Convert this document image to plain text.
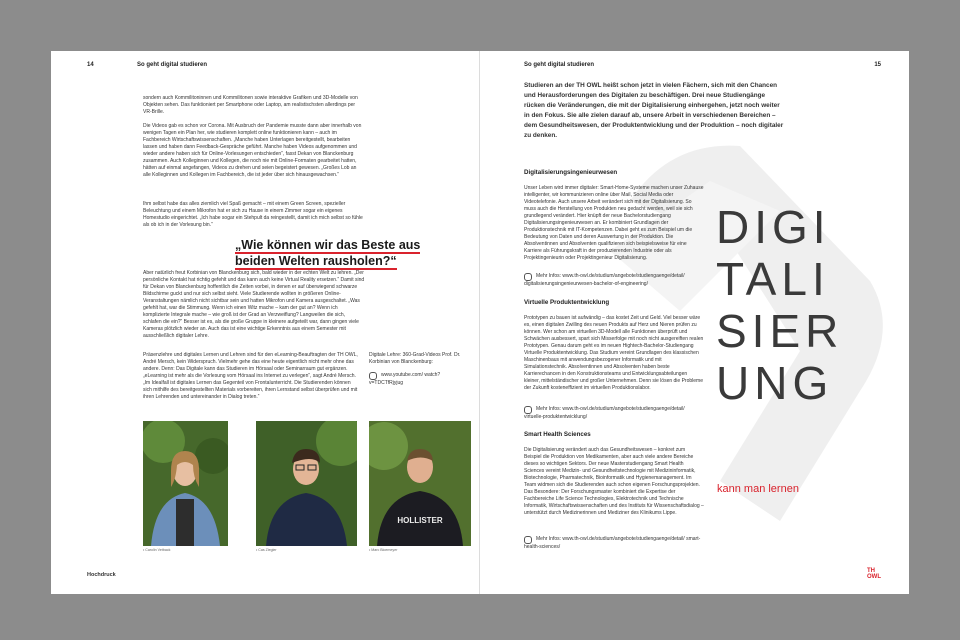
14	So geht digital studieren

sondern auch Kommilitoninnen und Kommilitonen sowie interaktive Grafiken und 3D-Modelle von Objekten sehen. Das funktioniert per Smartphone oder Laptop, am realistischsten allerdings per VR-Brille.

Die Videos gab es schon vor Corona. Mit Ausbruch der Pandemie musste dann aber innerhalb von wenigen Tagen ein Plan her, wie studieren komplett online funktionieren kann – auch im Fachbereich Wirtschaftswissenschaften. „Manche haben Unterlagen bereitgestellt, bearbeiten lassen und haben dann Feedback-Gespräche geführt. Manche haben Videos aufgenommen und wieder andere haben sich für Online-Vorlesungen entschieden“, fasst Dekan von Blanckenburg zusammen. Auch Kolleginnen und Kollegen, die noch nie mit Online-Formaten gearbeitet hatten, hätten auf einmal angefangen, Videos zu drehen und seien begeistert gewesen. „Großes Lob an alle Kolleginnen und Kollegen im Fachbereich, die ist jeder über sich hinausgewachsen.“

Ihm selbst habe das alles ziemlich viel Spaß gemacht – mit einem Green Screen, spezieller Beleuchtung und einem Mikrofon hat er sich zu Hause in einem Zimmer sogar ein eigenes Homestudio eingerichtet. „Ich habe sogar ein Stehpult da reingestellt, damit ich mich selbst so fühle als ob ich in der Vorlesung bin.“

„Wie können wir das Beste aus
beiden Welten rausholen?“

Aber natürlich freut Korbinian von Blanckenburg sich, bald wieder in der echten Welt zu lehren. „Der persönliche Kontakt hat richtig gefehlt und das kann auch keine Virtual Reality ersetzen.“ Damit sind für Dekan von Blanckenburg hoffentlich die Zeiten vorbei, in denen er auf überwiegend schwarze Bildschirme guckt und nur sich selbst sieht. Viele Studierende wollten in größeren Online-Veranstaltungen nämlich nicht sichtbar sein und hatten Mikrofon und Kamera ausgeschaltet. „Was gefehlt hat, war die Stimmung. Wenn ich einen Witz mache – kam der gut an? Wenn ich komplizierte Integrale mache – wie groß ist der Grad an Verzweiflung? Langweilen die sich, schlafen die ein?“ Besser ist es, als die große Gruppe in kleinere aufgeteilt war, dann gingen viele Kameras plötzlich wieder an. Auch das ist eine wichtige Erkenntnis aus einem Semester mit ausschließlich digitaler Lehre.

Präsenzlehre und digitales Lernen und Lehren sind für den eLearning-Beauftragten der TH OWL, André Mersch, kein Widerspruch. Vielmehr gehe das eine heute eigentlich nicht mehr ohne das andere. Denn: Das Digitale kann das Studieren im Hörsaal oder Seminarraum gut ergänzen. „eLearning ist mehr als die Vorlesung vom Hörsaal ins Internet zu verlegen“, sagt André Mersch. „Im Idealfall ist digitales Lernen das Gegenteil von Frontalunterricht. Die Studierenden können sich mithilfe des bereitgestellten Materials vorbereiten, ihren Lernstand selbst überprüfen und mit ihren Lehrenden und untereinander in Dialog treten.“

Digitale Lehre: 360-Grad-Videos Prof. Dr. Korbinian von Blanckenburg:

www.youtube.com/ watch?v=TDCTfRjyjug
HOLLISTER
• Carolin Vetback	• Cas Ziegler	• Marc Bloemeyer
Hochdruck
So geht digital studieren	15
Studieren an der TH OWL heißt schon jetzt in vielen Fächern, sich mit den Chancen und Herausforderungen des Digitalen zu beschäftigen. Drei neue Studiengänge rücken die Veränderungen, die mit der Digitalisierung einhergehen, jetzt noch weiter in den Fokus. Sie alle zielen darauf ab, unsere Arbeit in verschiedenen Bereichen – dem Gesundheitswesen, der Produktentwicklung und der Produktion – noch digitaler zu denken.
Digitalisierungsingenieurwesen

Unser Leben wird immer digitaler: Smart-Home-Systeme machen unser Zuhause intelligenter, wir kommunizieren online über Mail, Social Media oder Videotelefonie. Auch unsere Arbeit verändert sich mit der Digitalisierung. So muss auch die Herstellung von Produkten neu gedacht werden, weil sie sich grundlegend verändert. Hier knüpft der neue Bachelorstudiengang Digitalisierungsingenieurwesen an. Er kombiniert Grundlagen der Produktionstechnik mit IT-Kompetenzen. Dabei geht es zum Beispiel um die Bedeutung von Daten und deren Auswertung in der Produktion. Die Absolventinnen und Absolventen qualifizieren sich beispielsweise für eine Karriere als Führungskraft in der produzierenden Industrie oder als Projektingenieurin oder Projektingenieur Digitalisierung.

Mehr Infos: www.th-owl.de/studium/angebote/studiengaenge/detail/ digitalisierungsingenieurwesen-bachelor-of-engineering/
Virtuelle Produktentwicklung

Prototypen zu bauen ist aufwändig – das kostet Zeit und Geld. Viel besser wäre es, einen digitalen Zwilling des neuen Produkts auf Herz und Nieren prüfen zu können. Wer schon am virtuellen 3D-Modell alle Funktionen überprüft und Schwächen ausbessert, spart sich Misserfolge mit noch nicht ausgereiften realen Prototypen. Genau darum geht es im neuen Hightech-Bachelor-Studiengang Virtuelle Produktentwicklung. Das Studium vereint Grundlagen des klassischen Maschinenbaus mit anwendungsbezogener Informatik und mit Simulationstechnik. Absolventinnen und Absolventen haben beste Karrierechancen in den Konstruktionsteams und Entwicklungsabteilungen kleiner, mittelständischer und großer Unternehmen. Denn sie lösen die Probleme der Zukunft kosteneffizient im virtuellen Produktionslabor.

Mehr Infos: www.th-owl.de/studium/angebote/studiengaenge/detail/ virtuelle-produktentwicklung/
Smart Health Sciences

Die Digitalisierung verändert auch das Gesundheitswesen – konkret zum Beispiel die Produktion von Medikamenten, aber auch viele andere Bereiche dieses so wichtigen Sektors. Der neue Masterstudiengang Smart Health Sciences vereint Medizin- und Gesundheitstechnologie mit Medizininformatik, Biotechnologie, Pharmatechnik, Bioinformatik und Hygienemanagement. Im Team widmen sich die Studierenden auch schon eigenen Forschungsprojekten. Das Besondere: Der Forschungsmaster kombiniert die Expertise der Fachbereiche Life Science Technologies, Elektrotechnik und Technische Informatik, Wirtschaftswissenschaften und des Instituts für Wissenschaftsdialog – unterstützt durch Medizinerinnen und Mediziner des Klinikums Lippe.

Mehr Infos: www.th-owl.de/studium/angebote/studiengaenge/detail/ smart-health-sciences/
DIGI
TALI
SIER
UNG
kann man lernen
TH
OWL
